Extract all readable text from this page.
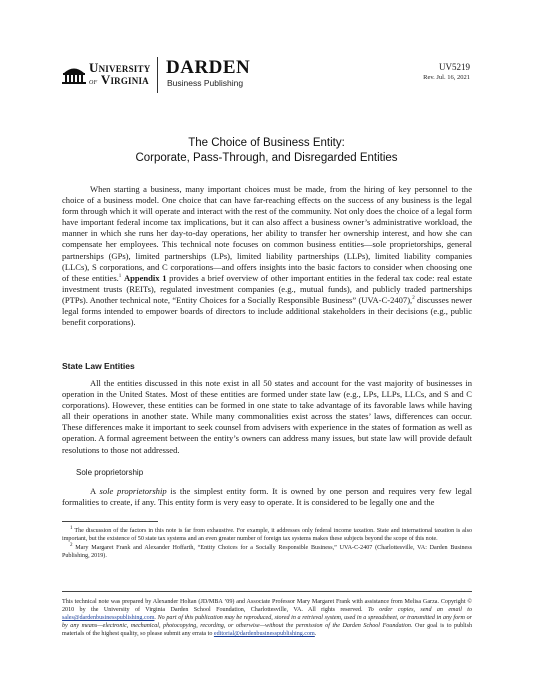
University
of Virginia
DARDEN
Business Publishing
UV5219
Rev. Jul. 16, 2021
The Choice of Business Entity:
Corporate, Pass-Through, and Disregarded Entities

When starting a business, many important choices must be made, from the hiring of key personnel to the choice of a business model. One choice that can have far-reaching effects on the success of any business is the legal form through which it will operate and interact with the rest of the community. Not only does the choice of a legal form have important federal income tax implications, but it can also affect a business owner’s administrative workload, the manner in which she runs her day-to-day operations, her ability to transfer her ownership interest, and how she can compensate her employees. This technical note focuses on common business entities—sole proprietorships, general partnerships (GPs), limited partnerships (LPs), limited liability partnerships (LLPs), limited liability companies (LLCs), S corporations, and C corporations—and offers insights into the basic factors to consider when choosing one of these entities.$^1$ Appendix 1 provides a brief overview of other important entities in the federal tax code: real estate investment trusts (REITs), regulated investment companies (e.g., mutual funds), and publicly traded partnerships (PTPs). Another technical note, “Entity Choices for a Socially Responsible Business” (UVA-C-2407),$^2$ discusses newer legal forms intended to empower boards of directors to include additional stakeholders in their decisions (e.g., public benefit corporations).

State Law Entities

All the entities discussed in this note exist in all 50 states and account for the vast majority of businesses in operation in the United States. Most of these entities are formed under state law (e.g., LPs, LLPs, LLCs, and S and C corporations). However, these entities can be formed in one state to take advantage of its favorable laws while having all their operations in another state. While many commonalities exist across the states’ laws, differences can occur. These differences make it important to seek counsel from advisers with experience in the states of formation as well as operation. A formal agreement between the entity’s owners can address many issues, but state law will provide default resolutions to those not addressed.

Sole proprietorship

A sole proprietorship is the simplest entity form. It is owned by one person and requires very few legal formalities to create, if any. This entity form is very easy to operate. It is considered to be legally one and the

$^1$ The discussion of the factors in this note is far from exhaustive. For example, it addresses only federal income taxation. State and international taxation is also important, but the existence of 50 state tax systems and an even greater number of foreign tax systems makes these subjects beyond the scope of this note.

$^2$ Mary Margaret Frank and Alexander Hoffarth, “Entity Choices for a Socially Responsible Business,” UVA-C-2407 (Charlottesville, VA: Darden Business Publishing, 2019).

This technical note was prepared by Alexander Holtan (JD/MBA ’09) and Associate Professor Mary Margaret Frank with assistance from Melisa Garza. Copyright © 2010 by the University of Virginia Darden School Foundation, Charlottesville, VA. All rights reserved. To order copies, send an email to sales@dardenbusinesspublishing.com. No part of this publication may be reproduced, stored in a retrieval system, used in a spreadsheet, or transmitted in any form or by any means—electronic, mechanical, photocopying, recording, or otherwise—without the permission of the Darden School Foundation. Our goal is to publish materials of the highest quality, so please submit any errata to editorial@dardenbusinesspublishing.com.
